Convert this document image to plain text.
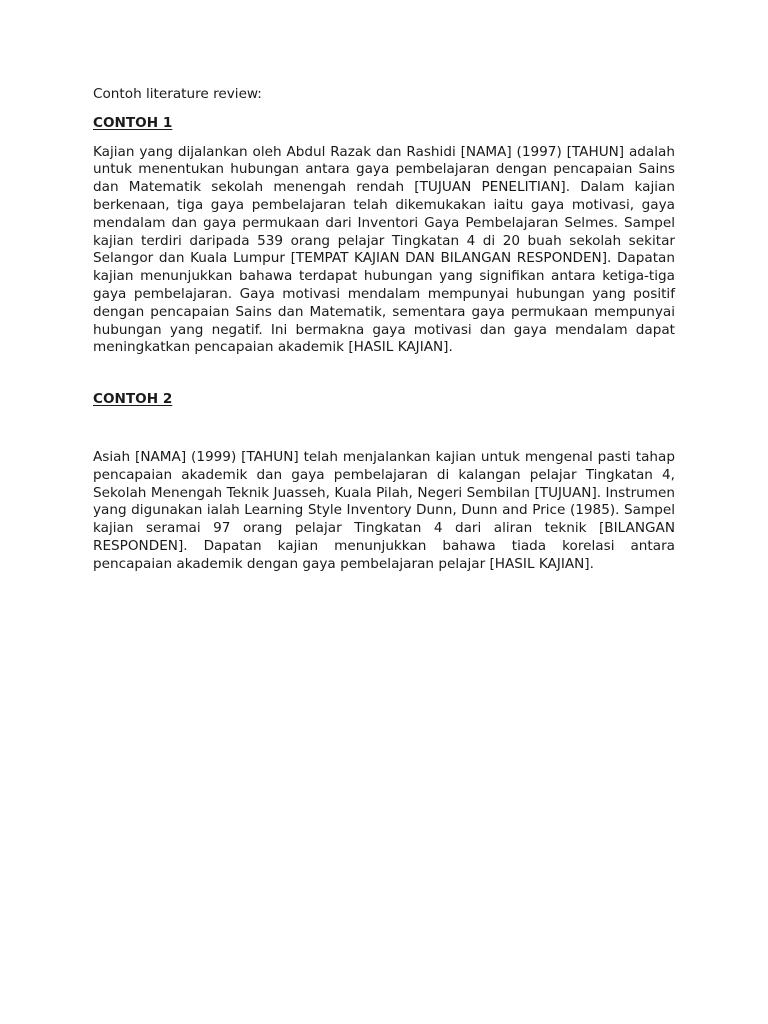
Contoh literature review:

CONTOH 1

Kajian yang dijalankan oleh Abdul Razak dan Rashidi [NAMA] (1997) [TAHUN] adalah untuk menentukan hubungan antara gaya pembelajaran dengan pencapaian Sains dan Matematik sekolah menengah rendah [TUJUAN PENELITIAN]. Dalam kajian berkenaan, tiga gaya pembelajaran telah dikemukakan iaitu gaya motivasi, gaya mendalam dan gaya permukaan dari Inventori Gaya Pembelajaran Selmes. Sampel kajian terdiri daripada 539 orang pelajar Tingkatan 4 di 20 buah sekolah sekitar Selangor dan Kuala Lumpur [TEMPAT KAJIAN DAN BILANGAN RESPONDEN]. Dapatan kajian menunjukkan bahawa terdapat hubungan yang signifikan antara ketiga-tiga gaya pembelajaran. Gaya motivasi mendalam mempunyai hubungan yang positif dengan pencapaian Sains dan Matematik, sementara gaya permukaan mempunyai hubungan yang negatif. Ini bermakna gaya motivasi dan gaya mendalam dapat meningkatkan pencapaian akademik [HASIL KAJIAN].

CONTOH 2

Asiah [NAMA] (1999) [TAHUN] telah menjalankan kajian untuk mengenal pasti tahap pencapaian akademik dan gaya pembelajaran di kalangan pelajar Tingkatan 4, Sekolah Menengah Teknik Juasseh, Kuala Pilah, Negeri Sembilan [TUJUAN]. Instrumen yang digunakan ialah Learning Style Inventory Dunn, Dunn and Price (1985). Sampel kajian seramai 97 orang pelajar Tingkatan 4 dari aliran teknik [BILANGAN RESPONDEN]. Dapatan kajian menunjukkan bahawa tiada korelasi antara pencapaian akademik dengan gaya pembelajaran pelajar [HASIL KAJIAN].
